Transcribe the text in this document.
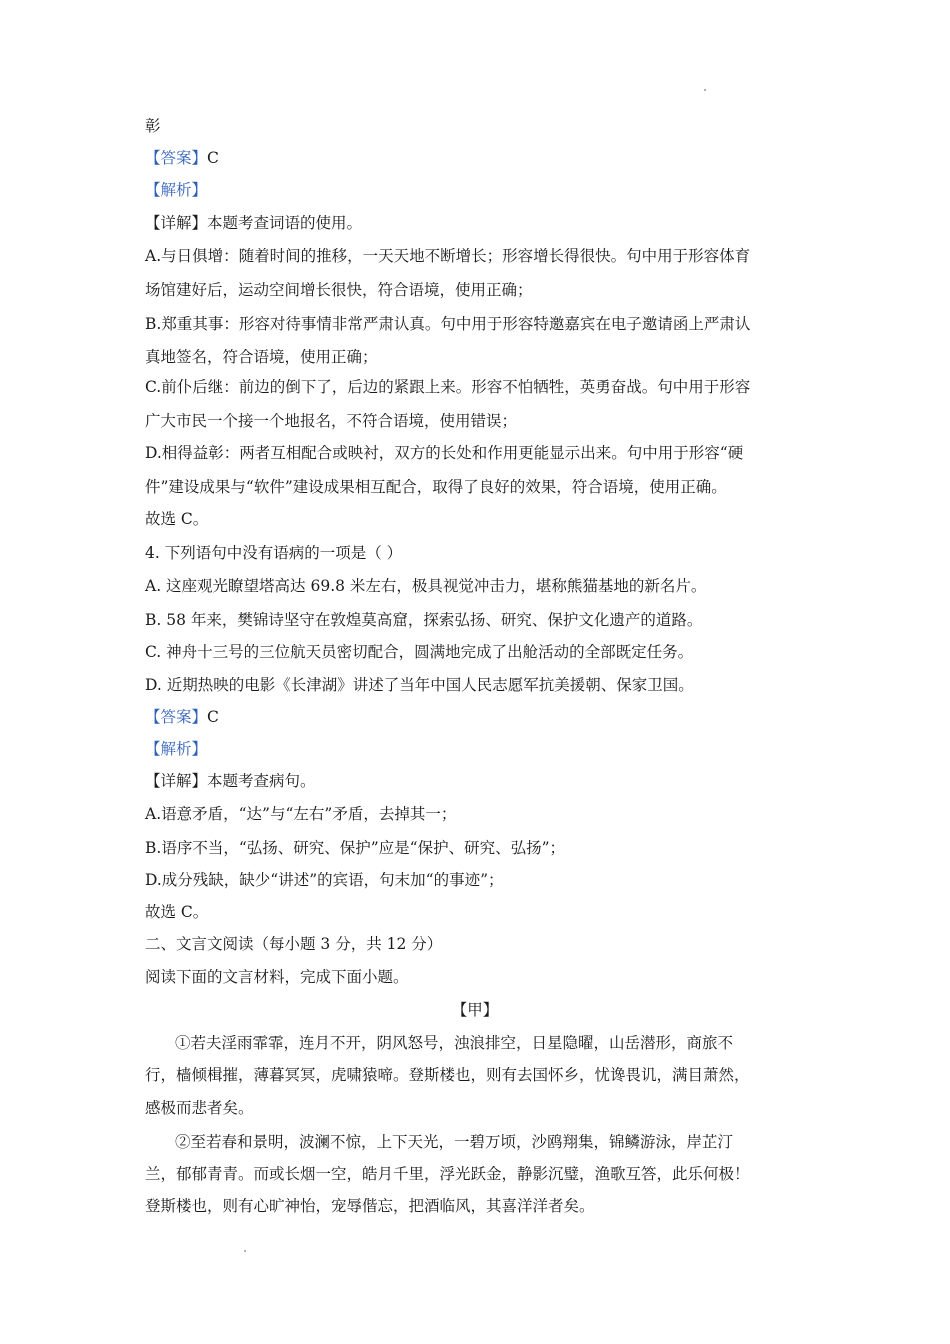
彰
【答案】C
【解析】
【详解】本题考查词语的使用。
A.与日俱增：随着时间的推移，一天天地不断增长；形容增长得很快。句中用于形容体育
场馆建好后，运动空间增长很快，符合语境，使用正确；
B.郑重其事：形容对待事情非常严肃认真。句中用于形容特邀嘉宾在电子邀请函上严肃认
真地签名，符合语境，使用正确；
C.前仆后继：前边的倒下了，后边的紧跟上来。形容不怕牺牲，英勇奋战。句中用于形容
广大市民一个接一个地报名，不符合语境，使用错误；
D.相得益彰：两者互相配合或映衬，双方的长处和作用更能显示出来。句中用于形容“硬
件”建设成果与“软件”建设成果相互配合，取得了良好的效果，符合语境，使用正确。
故选 C。
4. 下列语句中没有语病的一项是（ ）
A. 这座观光瞭望塔高达 69.8 米左右，极具视觉冲击力，堪称熊猫基地的新名片。
B. 58 年来，樊锦诗坚守在敦煌莫高窟，探索弘扬、研究、保护文化遗产的道路。
C. 神舟十三号的三位航天员密切配合，圆满地完成了出舱活动的全部既定任务。
D. 近期热映的电影《长津湖》讲述了当年中国人民志愿军抗美援朝、保家卫国。
【答案】C
【解析】
【详解】本题考查病句。
A.语意矛盾，“达”与“左右”矛盾，去掉其一；
B.语序不当，“弘扬、研究、保护”应是“保护、研究、弘扬”；
D.成分残缺，缺少“讲述”的宾语，句末加“的事迹”；
故选 C。
二、文言文阅读（每小题 3 分，共 12 分）
阅读下面的文言材料，完成下面小题。
【甲】
①若夫淫雨霏霏，连月不开，阴风怒号，浊浪排空，日星隐曜，山岳潜形，商旅不
行，樯倾楫摧，薄暮冥冥，虎啸猿啼。登斯楼也，则有去国怀乡，忧谗畏讥，满目萧然，
感极而悲者矣。
②至若春和景明，波澜不惊，上下天光，一碧万顷，沙鸥翔集，锦鳞游泳，岸芷汀
兰，郁郁青青。而或长烟一空，皓月千里，浮光跃金，静影沉璧，渔歌互答，此乐何极！
登斯楼也，则有心旷神怡，宠辱偕忘，把酒临风，其喜洋洋者矣。
